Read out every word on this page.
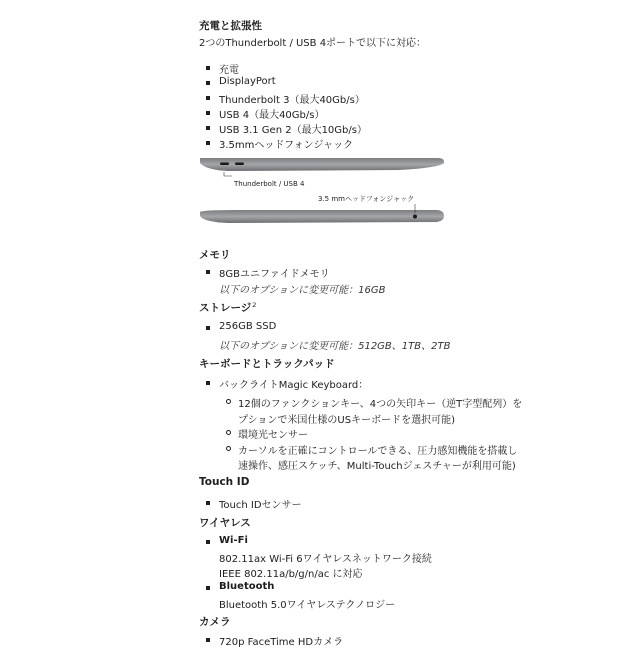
充電と拡張性
2つのThunderbolt / USB 4ポートで以下に対応：
充電
DisplayPort
Thunderbolt 3（最大40Gb/s）
USB 4（最大40Gb/s）
USB 3.1 Gen 2（最大10Gb/s）
3.5mmヘッドフォンジャック
Thunderbolt / USB 4
3.5 mmヘッドフォンジャック
メモリ
8GBユニファイドメモリ
以下のオプションに変更可能：16GB
ストレージ$^2$
256GB SSD
以下のオプションに変更可能：512GB、1TB、2TB
キーボードとトラックパッド
バックライトMagic Keyboard：
12個のファンクションキー、4つの矢印キー（逆T字型配列）を
プションで米国仕様のUSキーボードを選択可能)
環境光センサー
カーソルを正確にコントロールできる、圧力感知機能を搭載し
速操作、感圧スケッチ、Multi-Touchジェスチャーが利用可能)
Touch ID
Touch IDセンサー
ワイヤレス
Wi-Fi
802.11ax Wi-Fi 6ワイヤレスネットワーク接続
IEEE 802.11a/b/g/n/ac に対応
Bluetooth
Bluetooth 5.0ワイヤレステクノロジー
カメラ
720p FaceTime HDカメラ
